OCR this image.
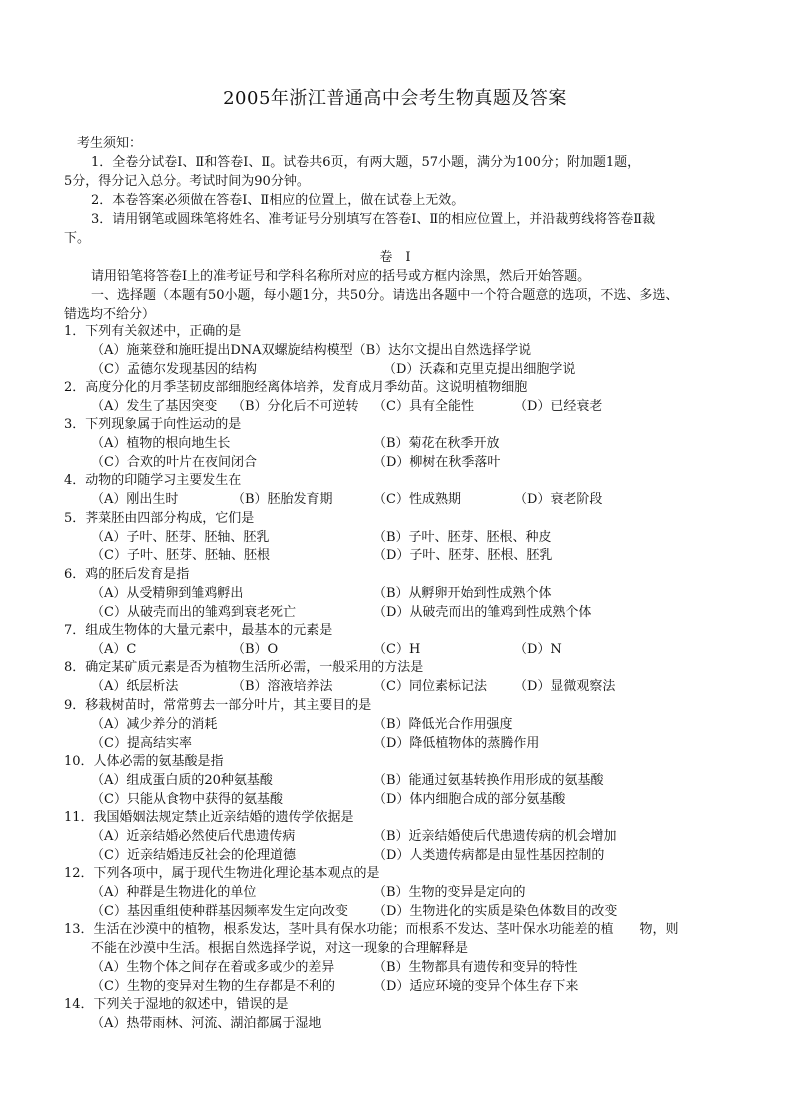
2005年浙江普通高中会考生物真题及答案
考生须知：
1．全卷分试卷Ⅰ、Ⅱ和答卷Ⅰ、Ⅱ。试卷共6页，有两大题，57小题，满分为100分；附加题1题，
5分，得分记入总分。考试时间为90分钟。
2．本卷答案必须做在答卷Ⅰ、Ⅱ相应的位置上，做在试卷上无效。
3．请用钢笔或圆珠笔将姓名、准考证号分别填写在答卷Ⅰ、Ⅱ的相应位置上，并沿裁剪线将答卷Ⅱ裁
下。
卷　Ⅰ
请用铅笔将答卷Ⅰ上的准考证号和学科名称所对应的括号或方框内涂黑，然后开始答题。
一、选择题（本题有50小题，每小题1分，共50分。请选出各题中一个符合题意的选项，不选、多选、
错选均不给分）
1．下列有关叙述中，正确的是
（A）施莱登和施旺提出DNA双螺旋结构模型（B）达尔文提出自然选择学说
（C）孟德尔发现基因的结构	（D）沃森和克里克提出细胞学说
2．高度分化的月季茎韧皮部细胞经离体培养，发育成月季幼苗。这说明植物细胞
（A）发生了基因突变 （B）分化后不可逆转 （C）具有全能性	（D）已经衰老
3．下列现象属于向性运动的是
（A）植物的根向地生长	（B）菊花在秋季开放
（C）合欢的叶片在夜间闭合	（D）柳树在秋季落叶
4．动物的印随学习主要发生在
（A）刚出生时	（B）胚胎发育期	（C）性成熟期	（D）衰老阶段
5．荠菜胚由四部分构成，它们是
（A）子叶、胚芽、胚轴、胚乳	（B）子叶、胚芽、胚根、种皮
（C）子叶、胚芽、胚轴、胚根	（D）子叶、胚芽、胚根、胚乳
6．鸡的胚后发育是指
（A）从受精卵到雏鸡孵出	（B）从孵卵开始到性成熟个体
（C）从破壳而出的雏鸡到衰老死亡	（D）从破壳而出的雏鸡到性成熟个体
7．组成生物体的大量元素中，最基本的元素是
（A）C	（B）O	（C）H	（D）N
8．确定某矿质元素是否为植物生活所必需，一般采用的方法是
（A）纸层析法	（B）溶液培养法	（C）同位素标记法 （D）显微观察法
9．移栽树苗时，常常剪去一部分叶片，其主要目的是
（A）减少养分的消耗	（B）降低光合作用强度
（C）提高结实率	（D）降低植物体的蒸腾作用
10．人体必需的氨基酸是指
（A）组成蛋白质的20种氨基酸	（B）能通过氨基转换作用形成的氨基酸
（C）只能从食物中获得的氨基酸	（D）体内细胞合成的部分氨基酸
11．我国婚姻法规定禁止近亲结婚的遗传学依据是
（A）近亲结婚必然使后代患遗传病	（B）近亲结婚使后代患遗传病的机会增加
（C）近亲结婚违反社会的伦理道德	（D）人类遗传病都是由显性基因控制的
12．下列各项中，属于现代生物进化理论基本观点的是
（A）种群是生物进化的单位	（B）生物的变异是定向的
（C）基因重组使种群基因频率发生定向改变 （D）生物进化的实质是染色体数目的改变
13．生活在沙漠中的植物，根系发达，茎叶具有保水功能；而根系不发达、茎叶保水功能差的植　　物，则
不能在沙漠中生活。根据自然选择学说，对这一现象的合理解释是
（A）生物个体之间存在着或多或少的差异	（B）生物都具有遗传和变异的特性
（C）生物的变异对生物的生存都是不利的	（D）适应环境的变异个体生存下来
14．下列关于湿地的叙述中，错误的是
（A）热带雨林、河流、湖泊都属于湿地
